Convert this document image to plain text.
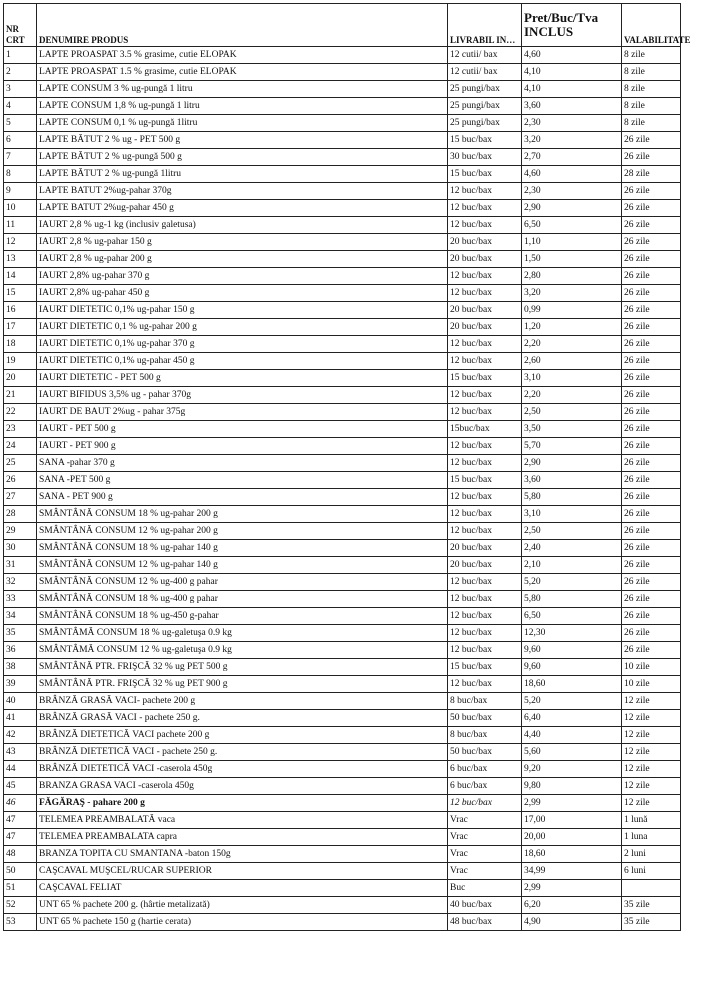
NR CRT	DENUMIRE PRODUS	LIVRABIL IN…	Pret/Buc/Tva INCLUS	VALABILITATE
1	LAPTE PROASPAT 3.5 % grasime, cutie ELOPAK	12 cutii/ bax	4,60	8 zile
2	LAPTE PROASPAT 1.5 % grasime, cutie ELOPAK	12 cutii/ bax	4,10	8 zile
3	LAPTE CONSUM 3 % ug-pungă 1 litru	25 pungi/bax	4,10	8 zile
4	LAPTE CONSUM 1,8 % ug-pungă 1 litru	25 pungi/bax	3,60	8 zile
5	LAPTE CONSUM 0,1 % ug-pungă 1litru	25 pungi/bax	2,30	8 zile
6	LAPTE BĂTUT 2 % ug - PET 500 g	15 buc/bax	3,20	26 zile
7	LAPTE BĂTUT 2 % ug-pungă 500 g	30 buc/bax	2,70	26 zile
8	LAPTE BĂTUT 2 % ug-pungă 1litru	15 buc/bax	4,60	28 zile
9	LAPTE BATUT 2%ug-pahar 370g	12 buc/bax	2,30	26 zile
10	LAPTE BATUT 2%ug-pahar 450 g	12 buc/bax	2,90	26 zile
11	IAURT 2,8 % ug-1 kg (inclusiv galetusa)	12 buc/bax	6,50	26 zile
12	IAURT 2,8 % ug-pahar 150 g	20 buc/bax	1,10	26 zile
13	IAURT 2,8 % ug-pahar 200 g	20 buc/bax	1,50	26 zile
14	IAURT 2,8% ug-pahar 370 g	12 buc/bax	2,80	26 zile
15	IAURT 2,8% ug-pahar 450 g	12 buc/bax	3,20	26 zile
16	IAURT DIETETIC 0,1% ug-pahar 150 g	20 buc/bax	0,99	26 zile
17	IAURT DIETETIC 0,1 % ug-pahar 200 g	20 buc/bax	1,20	26 zile
18	IAURT DIETETIC 0,1% ug-pahar 370 g	12 buc/bax	2,20	26 zile
19	IAURT DIETETIC 0,1% ug-pahar 450 g	12 buc/bax	2,60	26 zile
20	IAURT DIETETIC - PET 500 g	15 buc/bax	3,10	26 zile
21	IAURT BIFIDUS 3,5% ug - pahar 370g	12 buc/bax	2,20	26 zile
22	IAURT DE BAUT 2%ug - pahar 375g	12 buc/bax	2,50	26 zile
23	IAURT - PET 500 g	15buc/bax	3,50	26 zile
24	IAURT - PET 900 g	12 buc/bax	5,70	26 zile
25	SANA -pahar 370 g	12 buc/bax	2,90	26 zile
26	SANA -PET 500 g	15 buc/bax	3,60	26 zile
27	SANA - PET 900 g	12 buc/bax	5,80	26 zile
28	SMÂNTÂNĂ CONSUM 18 % ug-pahar 200 g	12 buc/bax	3,10	26 zile
29	SMÂNTÂNĂ CONSUM 12 % ug-pahar 200 g	12 buc/bax	2,50	26 zile
30	SMÂNTÂNĂ CONSUM 18 % ug-pahar 140 g	20 buc/bax	2,40	26 zile
31	SMÂNTÂNĂ CONSUM 12 % ug-pahar 140 g	20 buc/bax	2,10	26 zile
32	SMÂNTÂNĂ CONSUM 12 % ug-400 g pahar	12 buc/bax	5,20	26 zile
33	SMÂNTÂNĂ CONSUM 18 % ug-400 g pahar	12 buc/bax	5,80	26 zile
34	SMÂNTÂNĂ CONSUM 18 % ug-450 g-pahar	12 buc/bax	6,50	26 zile
35	SMÂNTÂMĂ CONSUM 18 % ug-galetuşa 0.9 kg	12 buc/bax	12,30	26 zile
36	SMÂNTÂMĂ CONSUM 12 % ug-galetuşa 0.9 kg	12 buc/bax	9,60	26 zile
38	SMÂNTÂNĂ PTR. FRIŞCĂ 32 % ug PET 500 g	15 buc/bax	9,60	10 zile
39	SMÂNTÂNĂ PTR. FRIŞCĂ 32 % ug PET 900 g	12 buc/bax	18,60	10 zile
40	BRÂNZĂ GRASĂ VACI- pachete 200 g	8 buc/bax	5,20	12 zile
41	BRÂNZĂ GRASĂ VACI - pachete 250 g.	50 buc/bax	6,40	12 zile
42	BRÂNZĂ DIETETICĂ VACI pachete 200 g	8 buc/bax	4,40	12 zile
43	BRÂNZĂ DIETETICĂ VACI - pachete 250 g.	50 buc/bax	5,60	12 zile
44	BRÂNZĂ DIETETICĂ VACI -caserola 450g	6 buc/bax	9,20	12 zile
45	BRANZA GRASA VACI -caserola 450g	6 buc/bax	9,80	12 zile
46	FĂGĂRAŞ - pahare 200 g	12 buc/bax	2,99	12 zile
47	TELEMEA PREAMBALATĂ vaca	Vrac	17,00	1 lună
47	TELEMEA PREAMBALATA capra	Vrac	20,00	1 luna
48	BRANZA TOPITA CU SMANTANA -baton 150g	Vrac	18,60	2 luni
50	CAŞCAVAL MUŞCEL/RUCAR SUPERIOR	Vrac	34,99	6 luni
51	CAŞCAVAL FELIAT	Buc	2,99	
52	UNT 65 % pachete 200 g. (hârtie metalizată)	40 buc/bax	6,20	35 zile
53	UNT 65 % pachete 150 g (hartie cerata)	48 buc/bax	4,90	35 zile
